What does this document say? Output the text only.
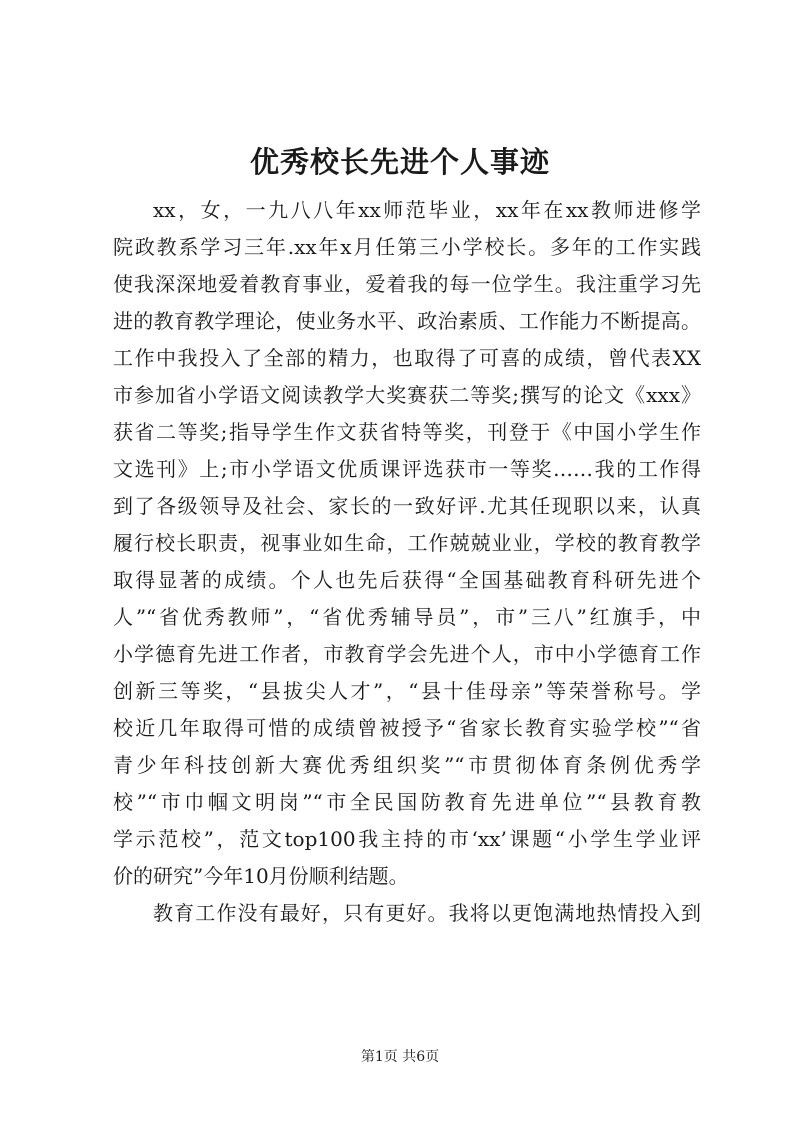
优秀校长先进个人事迹

xx，女，一九八八年xx师范毕业，xx年在xx教师进修学

院政教系学习三年.xx年x月任第三小学校长。多年的工作实践

使我深深地爱着教育事业，爱着我的每一位学生。我注重学习先

进的教育教学理论，使业务水平、政治素质、工作能力不断提高。

工作中我投入了全部的精力，也取得了可喜的成绩，曾代表XX

市参加省小学语文阅读教学大奖赛获二等奖;撰写的论文《xxx》

获省二等奖;指导学生作文获省特等奖，刊登于《中国小学生作

文选刊》上;市小学语文优质课评选获市一等奖……我的工作得

到了各级领导及社会、家长的一致好评.尤其任现职以来，认真

履行校长职责，视事业如生命，工作兢兢业业，学校的教育教学

取得显著的成绩。个人也先后获得“全国基础教育科研先进个

人”“省优秀教师”，“省优秀辅导员”，市”三八”红旗手，中

小学德育先进工作者，市教育学会先进个人，市中小学德育工作

创新三等奖，“县拔尖人才”，“县十佳母亲”等荣誉称号。学

校近几年取得可惜的成绩曾被授予“省家长教育实验学校”“省

青少年科技创新大赛优秀组织奖”“市贯彻体育条例优秀学

校”“市巾帼文明岗”“市全民国防教育先进单位”“县教育教

学示范校”，范文top100我主持的市‘xx’课题“小学生学业评

价的研究”今年10月份顺利结题。

教育工作没有最好，只有更好。我将以更饱满地热情投入到

第1页 共6页
